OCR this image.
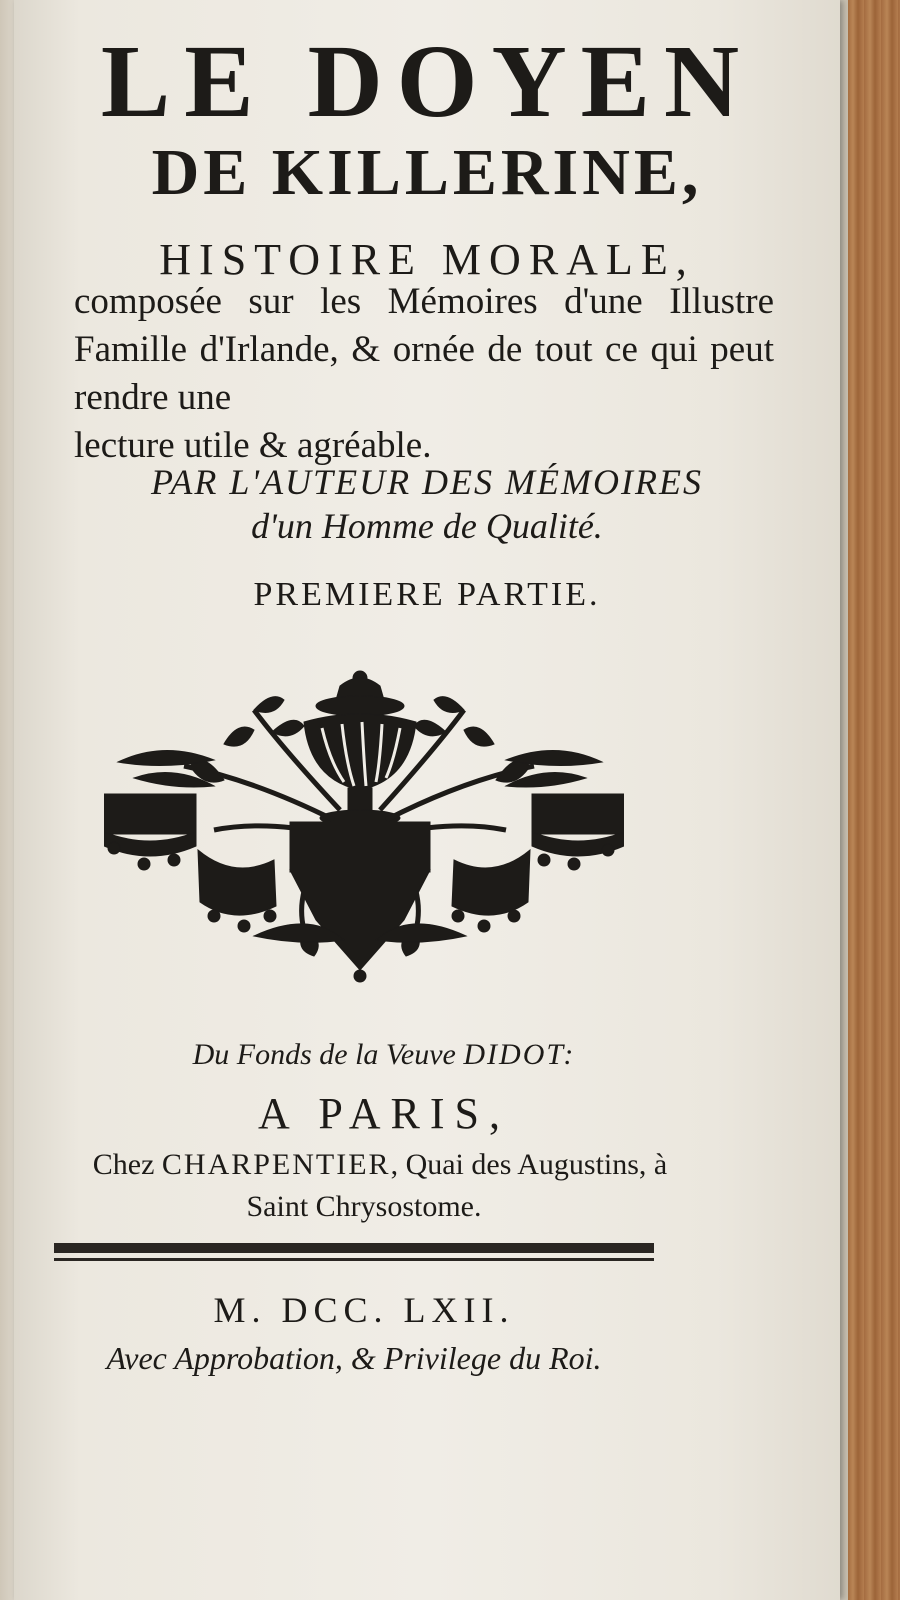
LE DOYEN
DE KILLERINE,
HISTOIRE MORALE,
composée sur les Mémoires d'une Illustre Famille d'Irlande, & ornée de tout ce qui peut rendre une
lecture utile & agréable.
PAR L'AUTEUR DES MÉMOIRES
d'un Homme de Qualité.
PREMIERE PARTIE.
Du Fonds de la Veuve DIDOT:
A PARIS,
Chez CHARPENTIER, Quai des Augustins, à
Saint Chrysostome.
M. DCC. LXII.
Avec Approbation, & Privilege du Roi.
